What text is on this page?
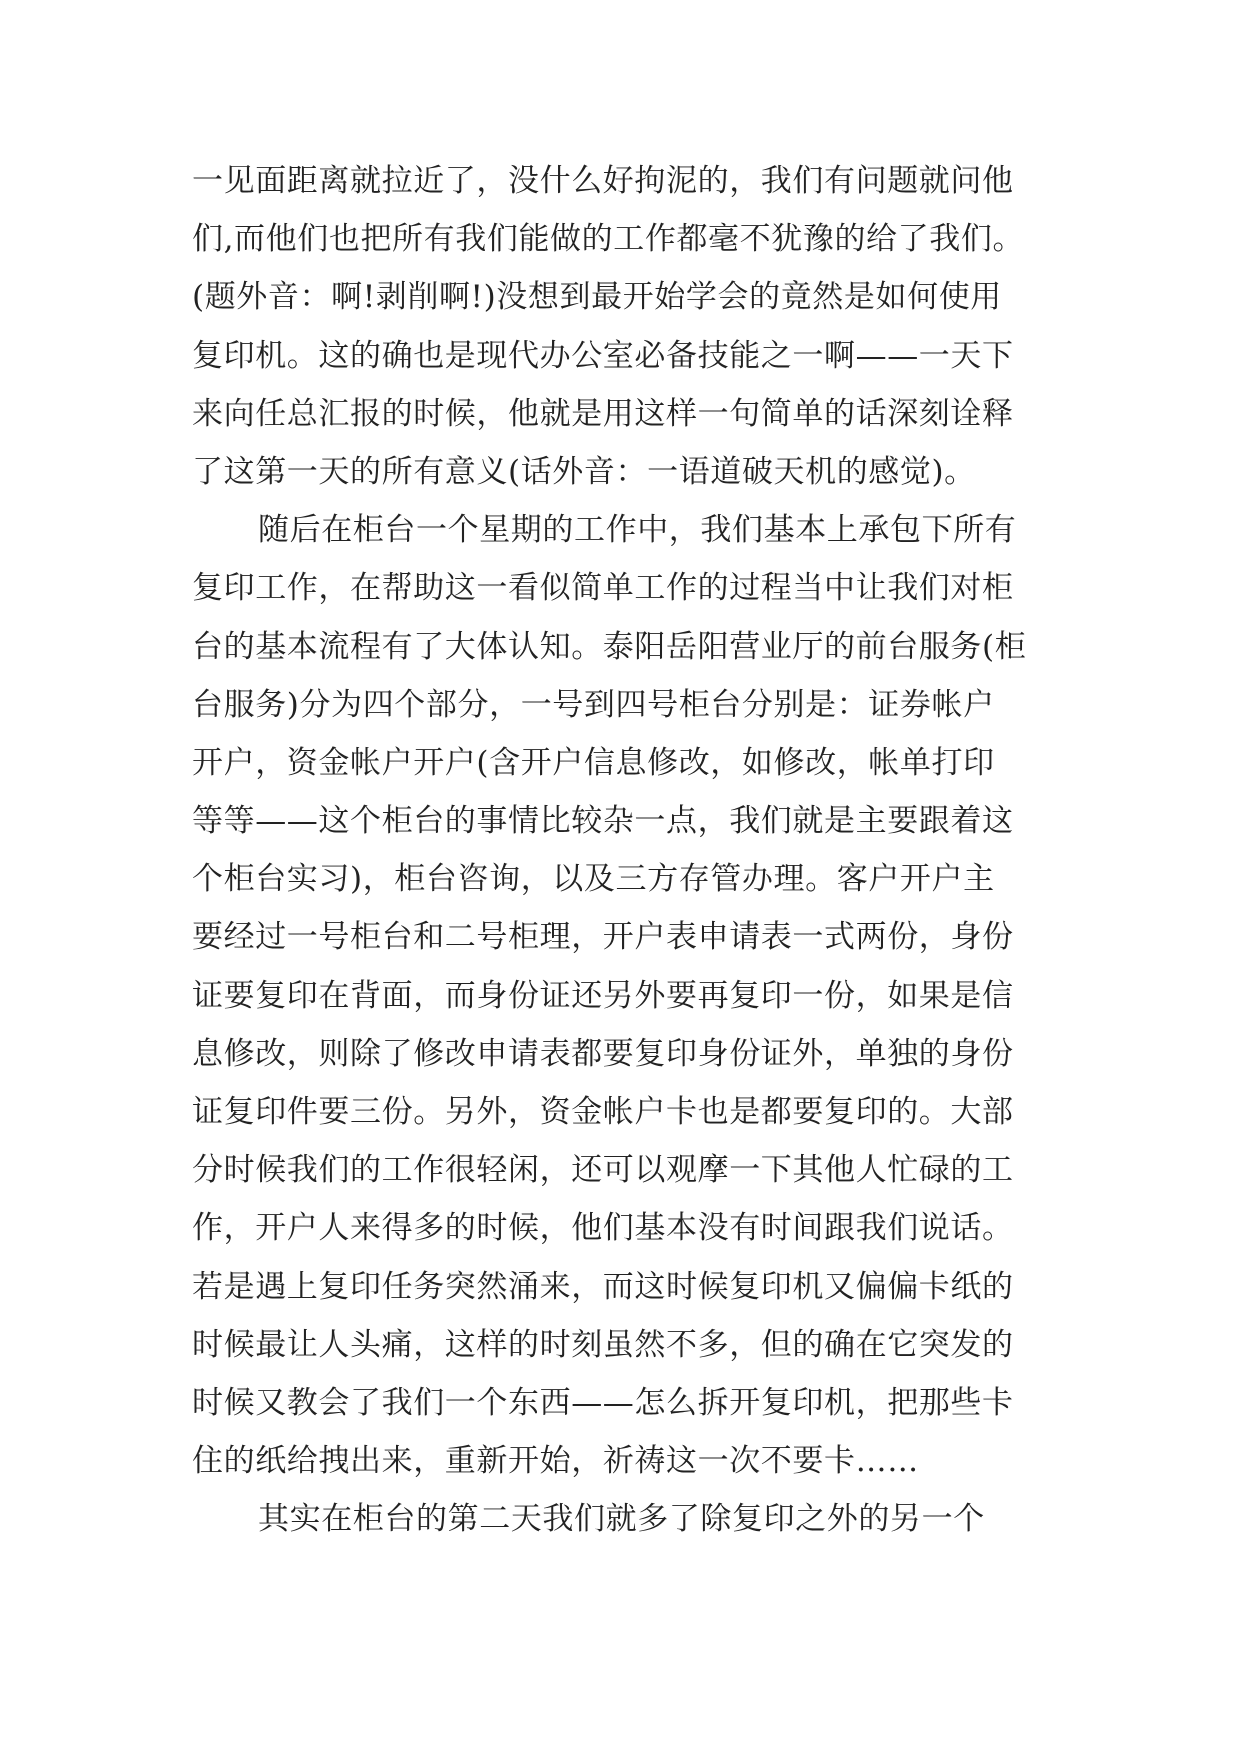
一见面距离就拉近了，没什么好拘泥的，我们有问题就问他
们,而他们也把所有我们能做的工作都毫不犹豫的给了我们。
(题外音：啊!剥削啊!)没想到最开始学会的竟然是如何使用
复印机。这的确也是现代办公室必备技能之一啊——一天下
来向任总汇报的时候，他就是用这样一句简单的话深刻诠释
了这第一天的所有意义(话外音：一语道破天机的感觉)。
随后在柜台一个星期的工作中，我们基本上承包下所有
复印工作，在帮助这一看似简单工作的过程当中让我们对柜
台的基本流程有了大体认知。泰阳岳阳营业厅的前台服务(柜
台服务)分为四个部分，一号到四号柜台分别是：证券帐户
开户，资金帐户开户(含开户信息修改，如修改，帐单打印
等等——这个柜台的事情比较杂一点，我们就是主要跟着这
个柜台实习)，柜台咨询，以及三方存管办理。客户开户主
要经过一号柜台和二号柜理，开户表申请表一式两份，身份
证要复印在背面，而身份证还另外要再复印一份，如果是信
息修改，则除了修改申请表都要复印身份证外，单独的身份
证复印件要三份。另外，资金帐户卡也是都要复印的。大部
分时候我们的工作很轻闲，还可以观摩一下其他人忙碌的工
作，开户人来得多的时候，他们基本没有时间跟我们说话。
若是遇上复印任务突然涌来，而这时候复印机又偏偏卡纸的
时候最让人头痛，这样的时刻虽然不多，但的确在它突发的
时候又教会了我们一个东西——怎么拆开复印机，把那些卡
住的纸给拽出来，重新开始，祈祷这一次不要卡……
其实在柜台的第二天我们就多了除复印之外的另一个
